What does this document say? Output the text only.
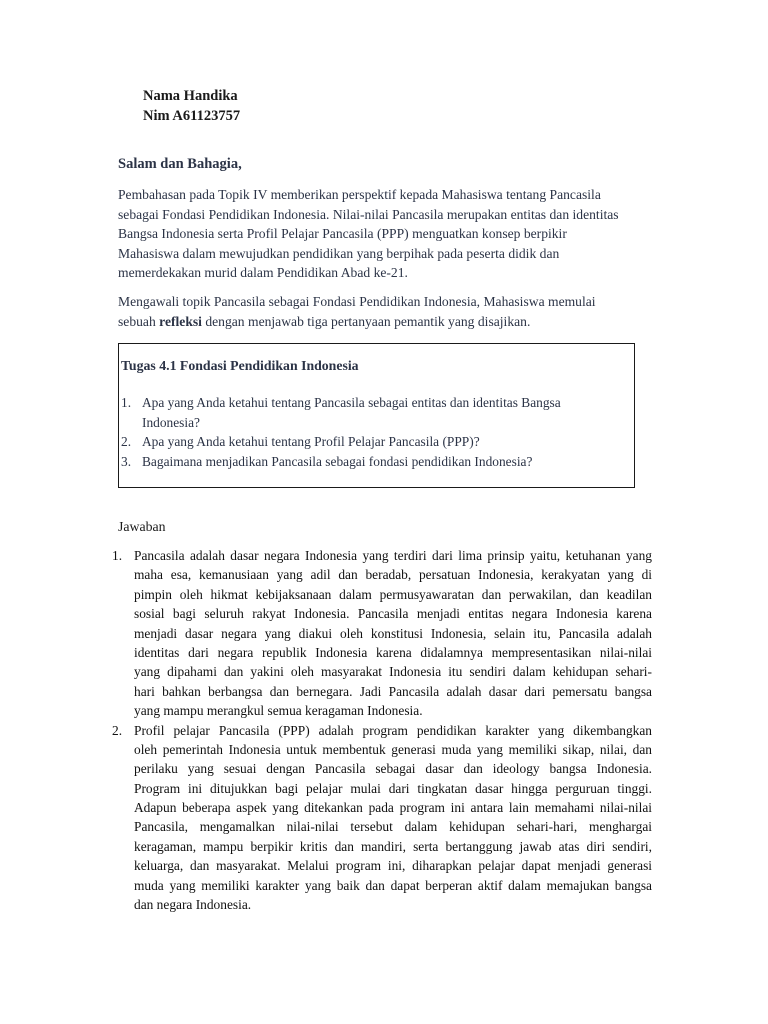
Nama Handika
Nim A61123757
Salam dan Bahagia,

Pembahasan pada Topik IV memberikan perspektif kepada Mahasiswa tentang Pancasila
sebagai Fondasi Pendidikan Indonesia. Nilai-nilai Pancasila merupakan entitas dan identitas
Bangsa Indonesia serta Profil Pelajar Pancasila (PPP) menguatkan konsep berpikir
Mahasiswa dalam mewujudkan pendidikan yang berpihak pada peserta didik dan
memerdekakan murid dalam Pendidikan Abad ke-21.

Mengawali topik Pancasila sebagai Fondasi Pendidikan Indonesia, Mahasiswa memulai
sebuah refleksi dengan menjawab tiga pertanyaan pemantik yang disajikan.

Tugas 4.1 Fondasi Pendidikan Indonesia
1. Apa yang Anda ketahui tentang Pancasila sebagai entitas dan identitas Bangsa
Indonesia?
2. Apa yang Anda ketahui tentang Profil Pelajar Pancasila (PPP)?
3. Bagaimana menjadikan Pancasila sebagai fondasi pendidikan Indonesia?
Jawaban
1. Pancasila adalah dasar negara Indonesia yang terdiri dari lima prinsip yaitu, ketuhanan yang
maha esa, kemanusiaan yang adil dan beradab, persatuan Indonesia, kerakyatan yang di
pimpin oleh hikmat kebijaksanaan dalam permusyawaratan dan perwakilan, dan keadilan
sosial bagi seluruh rakyat Indonesia. Pancasila menjadi entitas negara Indonesia karena
menjadi dasar negara yang diakui oleh konstitusi Indonesia, selain itu, Pancasila adalah
identitas dari negara republik Indonesia karena didalamnya mempresentasikan nilai-nilai
yang dipahami dan yakini oleh masyarakat Indonesia itu sendiri dalam kehidupan sehari-
hari bahkan berbangsa dan bernegara. Jadi Pancasila adalah dasar dari pemersatu bangsa
yang mampu merangkul semua keragaman Indonesia.
2. Profil pelajar Pancasila (PPP) adalah program pendidikan karakter yang dikembangkan
oleh pemerintah Indonesia untuk membentuk generasi muda yang memiliki sikap, nilai, dan
perilaku yang sesuai dengan Pancasila sebagai dasar dan ideology bangsa Indonesia.
Program ini ditujukkan bagi pelajar mulai dari tingkatan dasar hingga perguruan tinggi.
Adapun beberapa aspek yang ditekankan pada program ini antara lain memahami nilai-nilai
Pancasila, mengamalkan nilai-nilai tersebut dalam kehidupan sehari-hari, menghargai
keragaman, mampu berpikir kritis dan mandiri, serta bertanggung jawab atas diri sendiri,
keluarga, dan masyarakat. Melalui program ini, diharapkan pelajar dapat menjadi generasi
muda yang memiliki karakter yang baik dan dapat berperan aktif dalam memajukan bangsa
dan negara Indonesia.
